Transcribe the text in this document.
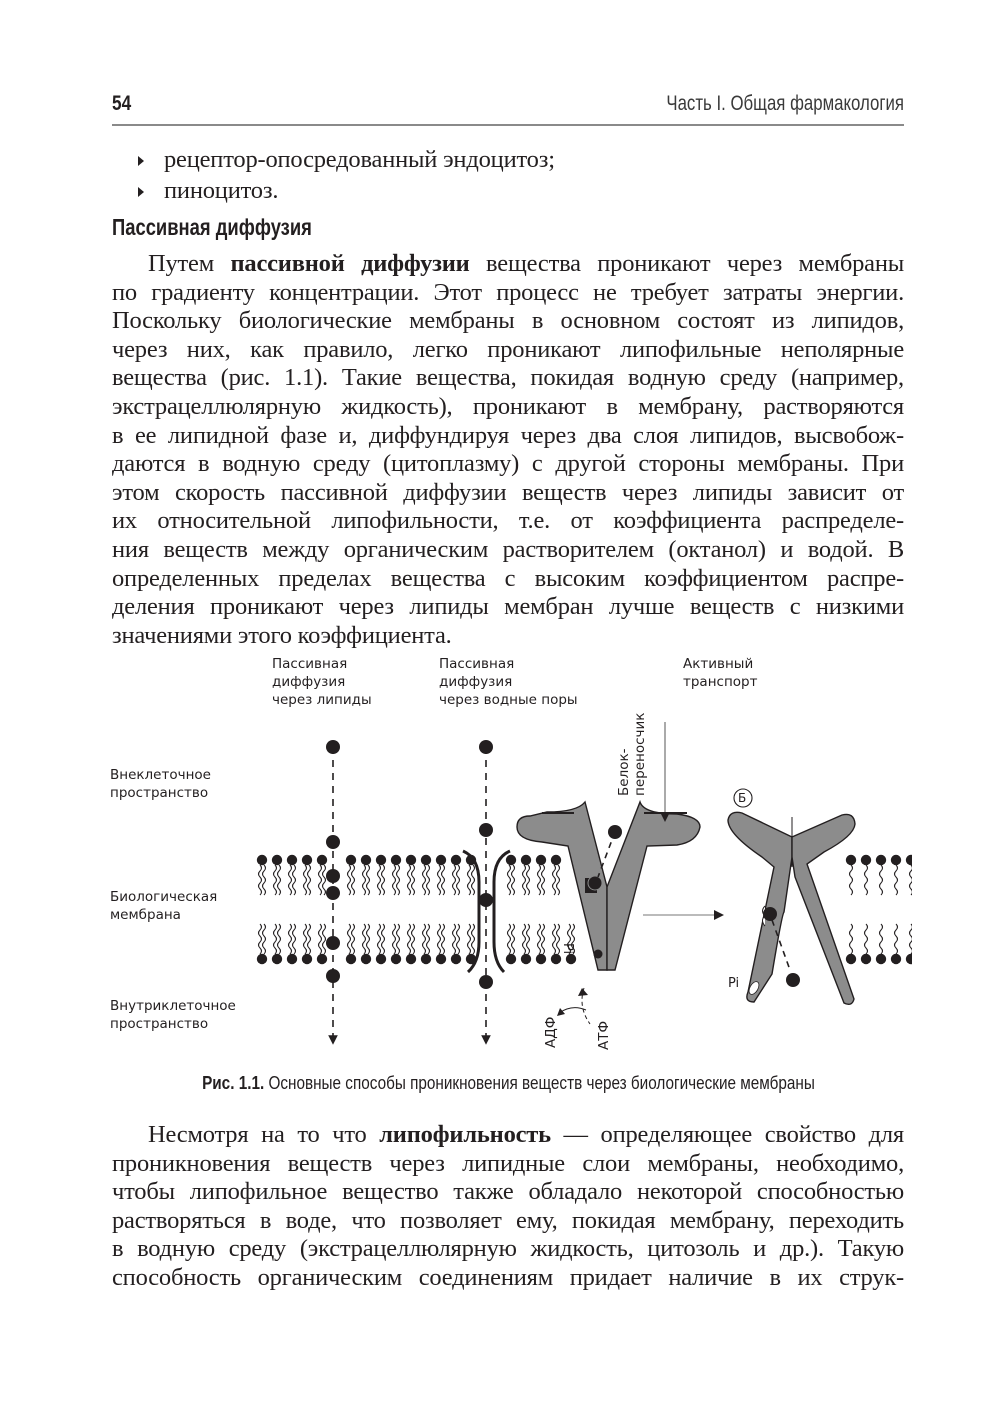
54	Часть I. Общая фармакология
рецептор-опосредованный эндоцитоз;
пиноцитоз.
Пассивная диффузия

Путем пассивной диффузии вещества проникают через мембраны
по градиенту концентрации. Этот процесс не требует затраты энергии.
Поскольку биологические мембраны в основном состоят из липидов,
через них, как правило, легко проникают липофильные неполярные
вещества (рис. 1.1). Такие вещества, покидая водную среду (например,
экстрацеллюлярную жидкость), проникают в мембрану, растворяются
в ее липидной фазе и, диффундируя через два слоя липидов, высвобож-
даются в водную среду (цитоплазму) с другой стороны мембраны. При
этом скорость пассивной диффузии веществ через липиды зависит от
их относительной липофильности, т.е. от коэффициента распределе-
ния веществ между органическим растворителем (октанол) и водой. В
определенных пределах вещества с высоким коэффициентом распре-
деления проникают через липиды мембран лучше веществ с низкими
значениями этого коэффициента.

Пассивная
диффузия
через липиды
Пассивная
диффузия
через водные поры
Активный
транспорт
Внеклеточное
пространство
Биологическая
мембрана
Внутриклеточное
пространство
Белок-
переносчик
Б
Pi
Pi
АДФ	АТФ
Рис. 1.1. Основные способы проникновения веществ через биологические мембраны

Несмотря на то что липофильность — определяющее свойство для
проникновения веществ через липидные слои мембраны, необходимо,
чтобы липофильное вещество также обладало некоторой способностью
растворяться в воде, что позволяет ему, покидая мембрану, переходить
в водную среду (экстрацеллюлярную жидкость, цитозоль и др.). Такую
способность органическим соединениям придает наличие в их струк-
